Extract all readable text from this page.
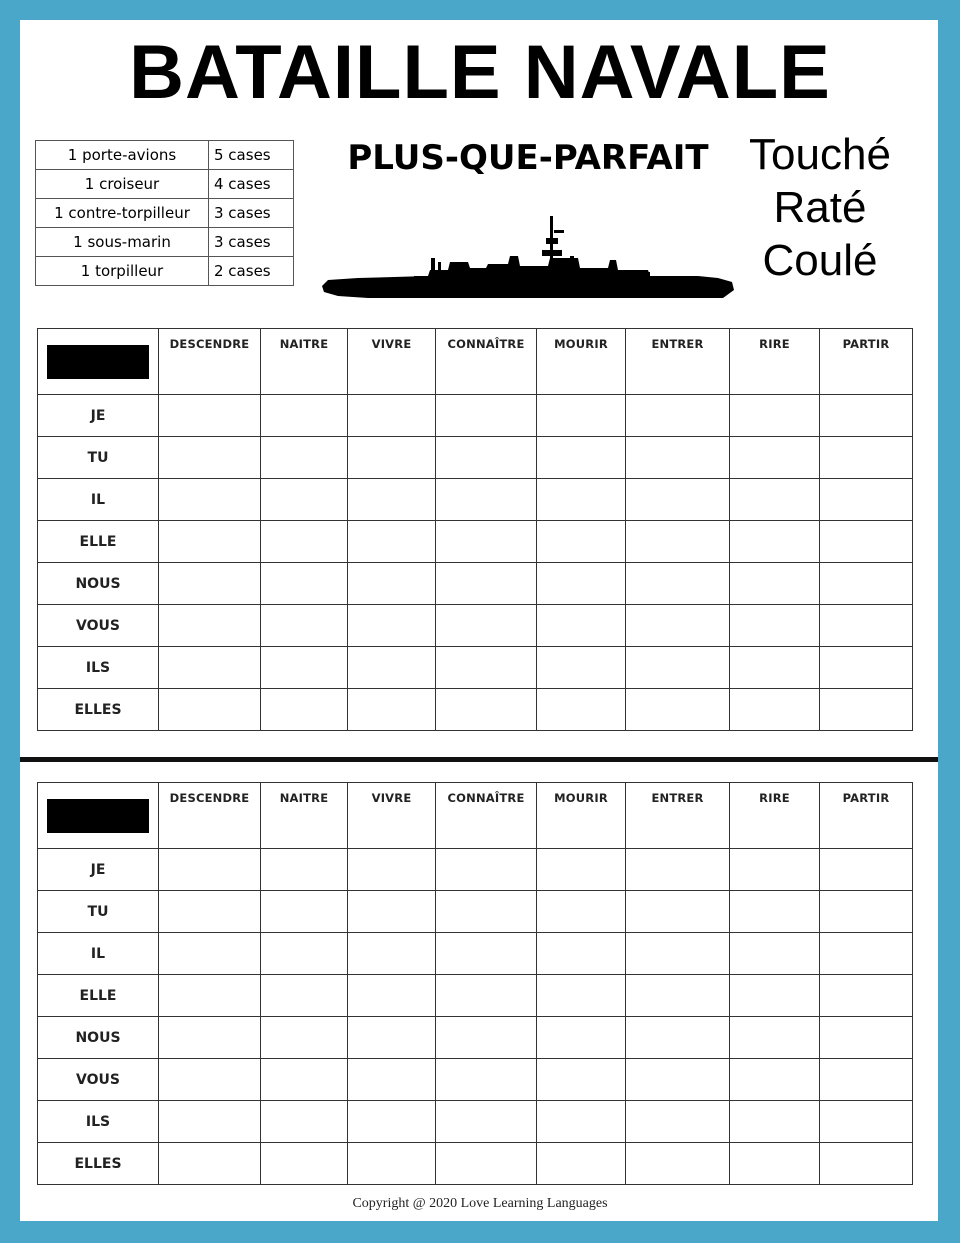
BATAILLE NAVALE
PLUS-QUE-PARFAIT Touché
Raté
Coulé
1 porte-avions	5 cases
1 croiseur	4 cases
1 contre-torpilleur	3 cases
1 sous-marin	3 cases
1 torpilleur	2 cases
	DESCENDRE	NAITRE	VIVRE	CONNAÎTRE	MOURIR	ENTRER	RIRE	PARTIR
JE								
TU								
IL								
ELLE								
NOUS								
VOUS								
ILS								
ELLES								
	DESCENDRE	NAITRE	VIVRE	CONNAÎTRE	MOURIR	ENTRER	RIRE	PARTIR
JE								
TU								
IL								
ELLE								
NOUS								
VOUS								
ILS								
ELLES								
Copyright @ 2020 Love Learning Languages
